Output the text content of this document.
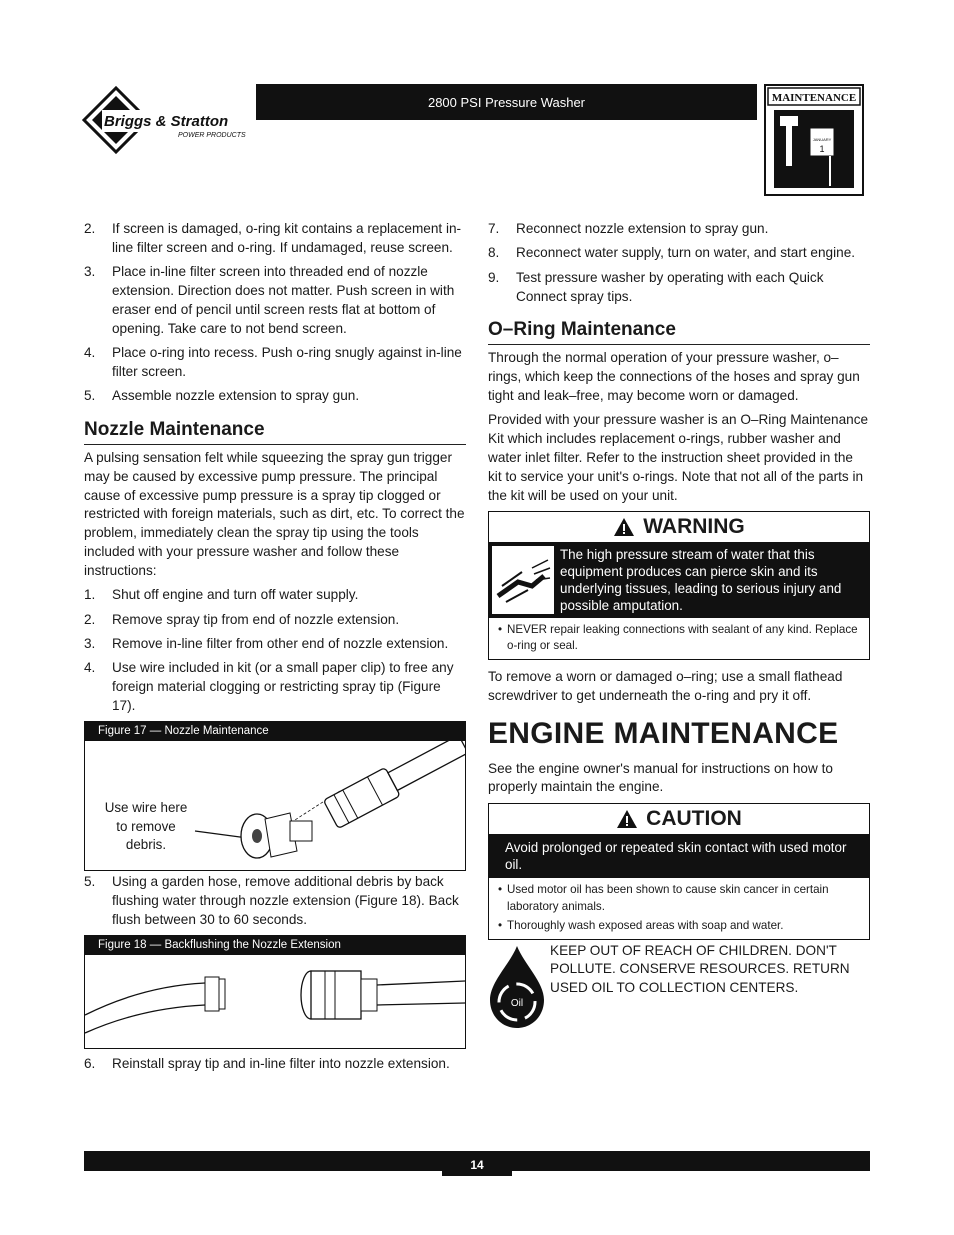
Briggs & Stratton
POWER PRODUCTS
2800 PSI Pressure Washer	MAINTENANCE
JANUARY
1
2.	If screen is damaged, o-ring kit contains a replacement in-line filter screen and o-ring. If undamaged, reuse screen.
3.	Place in-line filter screen into threaded end of nozzle extension. Direction does not matter. Push screen in with eraser end of pencil until screen rests flat at bottom of opening. Take care to not bend screen.
4.	Place o-ring into recess. Push o-ring snugly against in-line filter screen.
5.	Assemble nozzle extension to spray gun.
Nozzle Maintenance

A pulsing sensation felt while squeezing the spray gun trigger may be caused by excessive pump pressure. The principal cause of excessive pump pressure is a spray tip clogged or restricted with foreign materials, such as dirt, etc. To correct the problem, immediately clean the spray tip using the tools included with your pressure washer and follow these instructions:

1.	Shut off engine and turn off water supply.
2.	Remove spray tip from end of nozzle extension.
3.	Remove in-line filter from other end of nozzle extension.
4.	Use wire included in kit (or a small paper clip) to free any foreign material clogging or restricting spray tip (Figure 17).
Figure 17 — Nozzle Maintenance
Use wire here
to remove
debris.
5.	Using a garden hose, remove additional debris by back flushing water through nozzle extension (Figure 18). Back flush between 30 to 60 seconds.
Figure 18 — Backflushing the Nozzle Extension
6.	Reinstall spray tip and in-line filter into nozzle extension.
7.	Reconnect nozzle extension to spray gun.
8.	Reconnect water supply, turn on water, and start engine.
9.	Test pressure washer by operating with each Quick Connect spray tips.
O–Ring Maintenance

Through the normal operation of your pressure washer, o–rings, which keep the connections of the hoses and spray gun tight and leak–free, may become worn or damaged.

Provided with your pressure washer is an O–Ring Maintenance Kit which includes replacement o-rings, rubber washer and water inlet filter. Refer to the instruction sheet provided in the kit to service your unit's o-rings. Note that not all of the parts in the kit will be used on your unit.

WARNING
The high pressure stream of water that this equipment produces can pierce skin and its underlying tissues, leading to serious injury and possible amputation.
• NEVER repair leaking connections with sealant of any kind. Replace o-ring or seal.

To remove a worn or damaged o–ring; use a small flathead screwdriver to get underneath the o-ring and pry it off.

ENGINE MAINTENANCE

See the engine owner's manual for instructions on how to properly maintain the engine.

CAUTION
Avoid prolonged or repeated skin contact with used motor oil.
• Used motor oil has been shown to cause skin cancer in certain laboratory animals.
• Thoroughly wash exposed areas with soap and water.
Oil
KEEP OUT OF REACH OF CHILDREN. DON'T POLLUTE. CONSERVE RESOURCES. RETURN USED OIL TO COLLECTION CENTERS.
14
